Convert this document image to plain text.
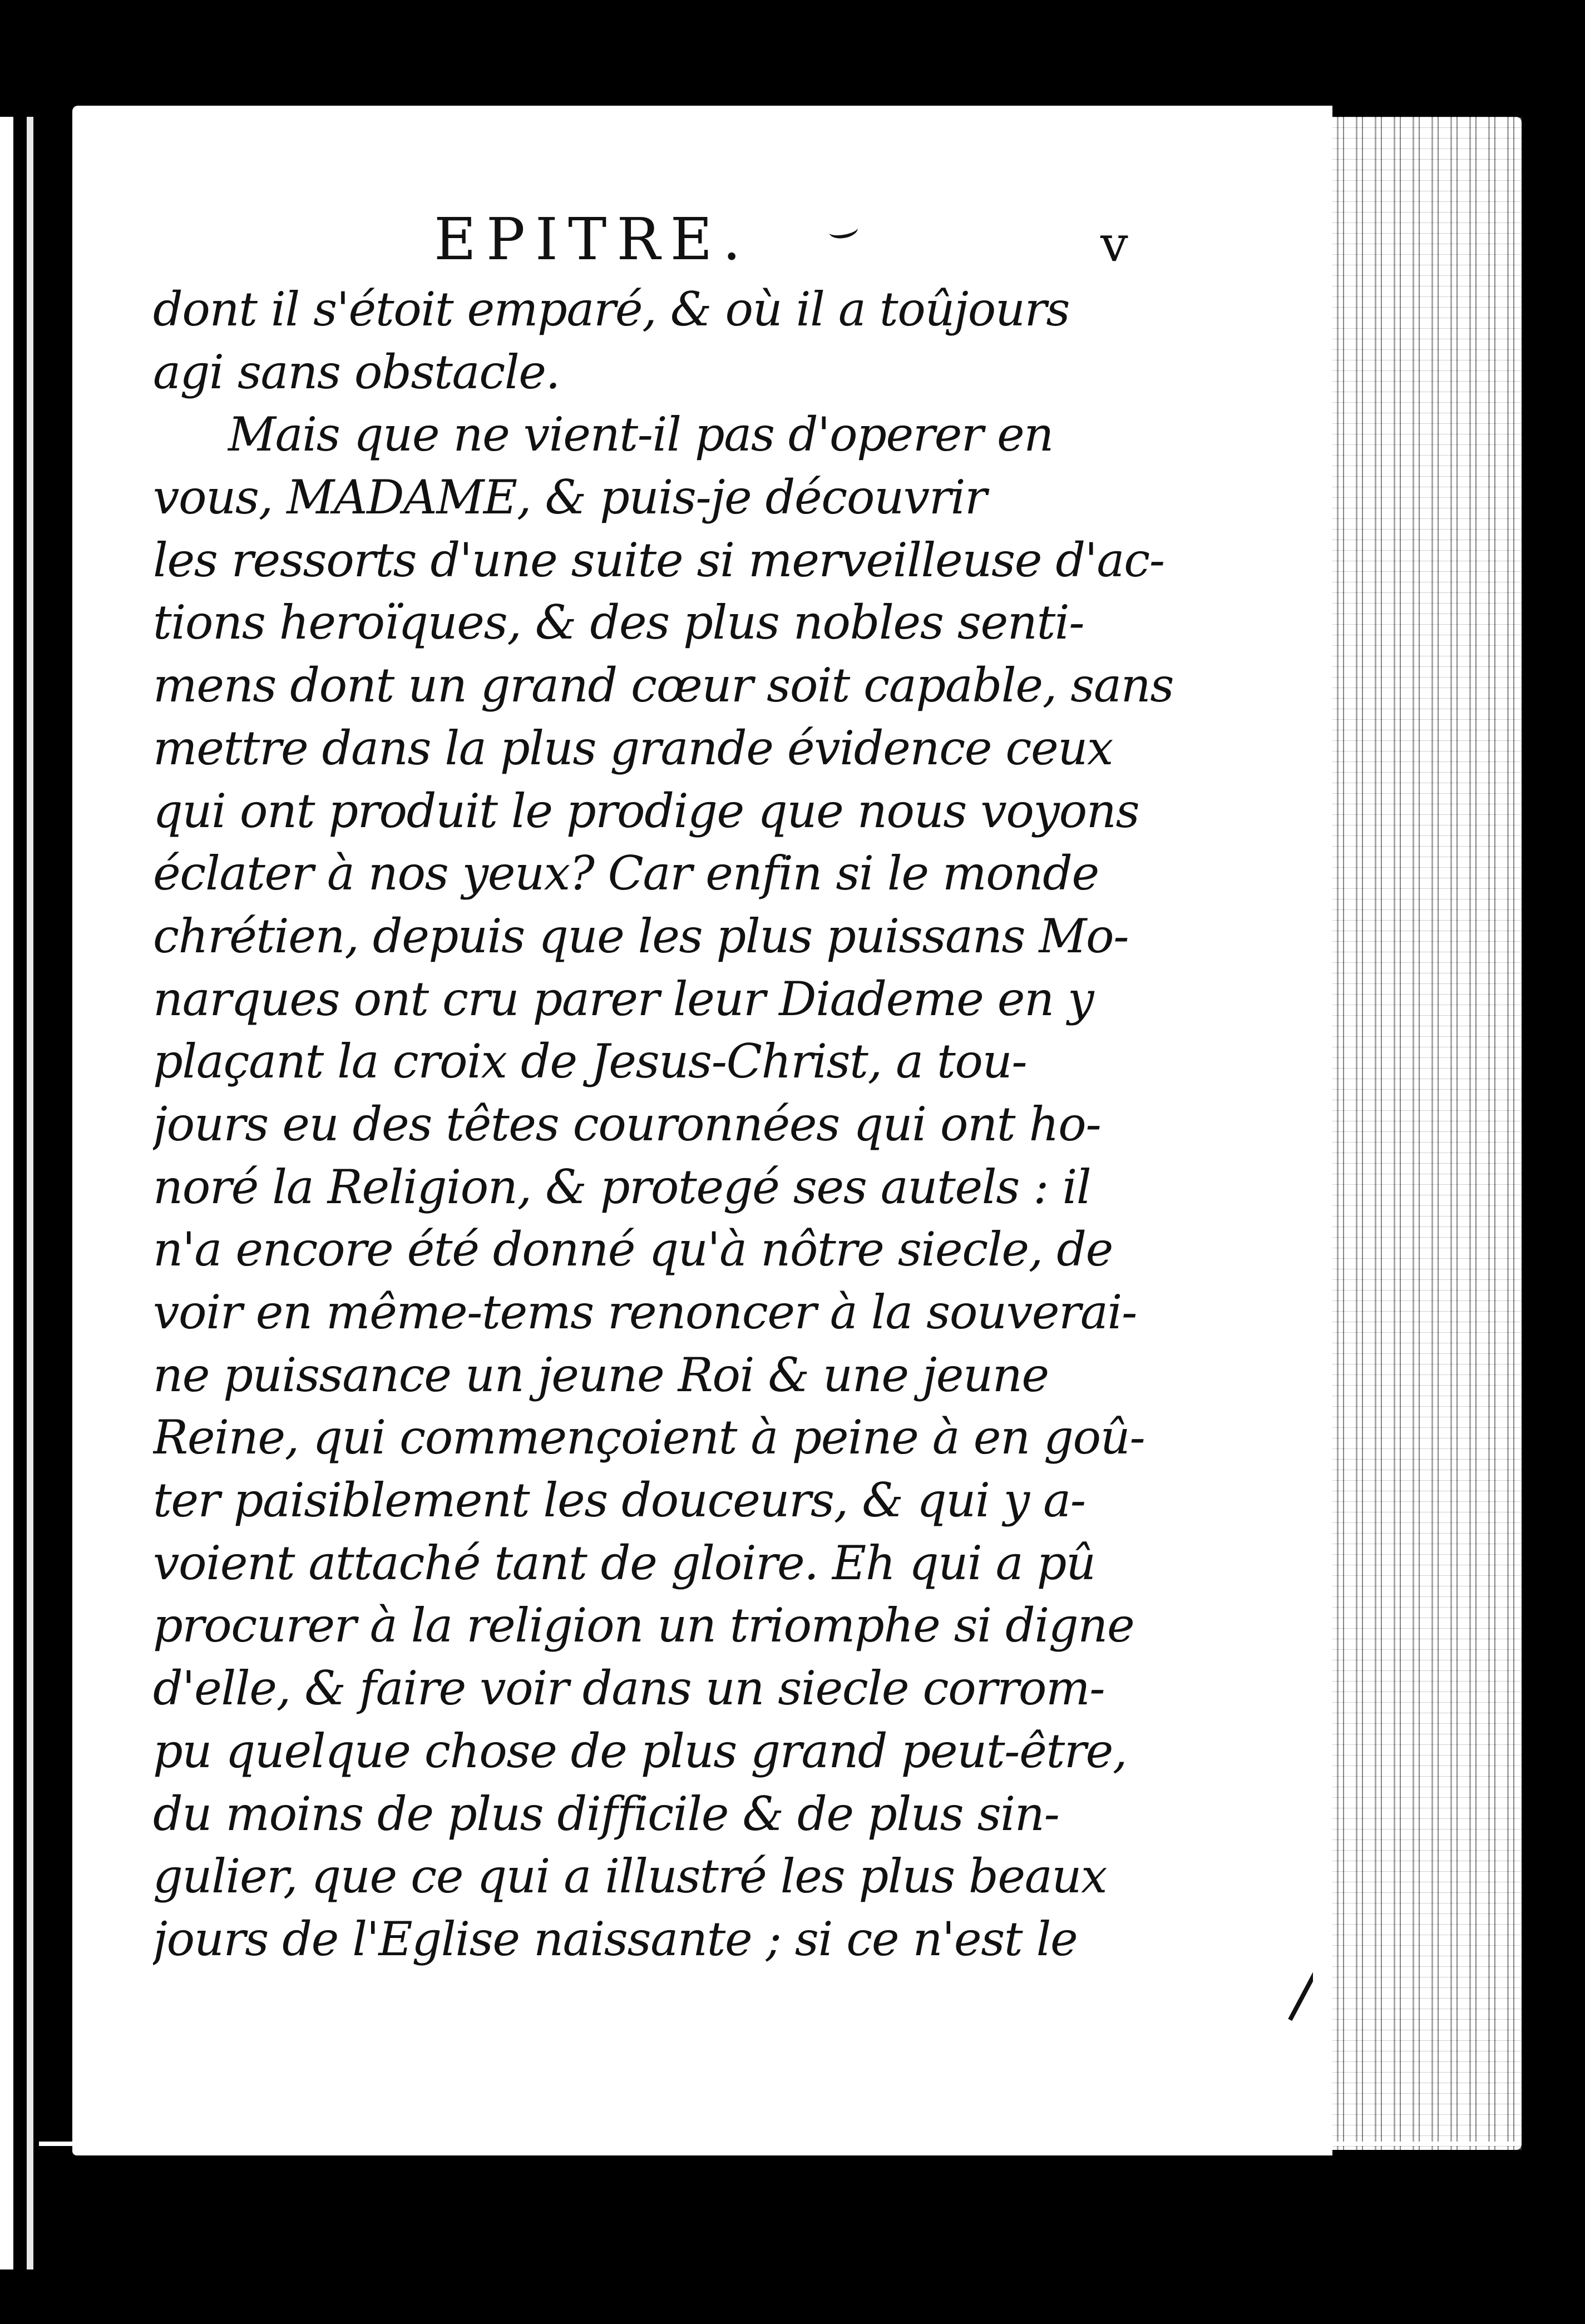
EPITRE.	v
dont il s'étoit emparé, & où il a toûjours
agi sans obstacle.
Mais que ne vient-il pas d'operer en
vous, MADAME, & puis-je découvrir
les ressorts d'une suite si merveilleuse d'ac-
tions heroïques, & des plus nobles senti-
mens dont un grand cœur soit capable, sans
mettre dans la plus grande évidence ceux
qui ont produit le prodige que nous voyons
éclater à nos yeux? Car enfin si le monde
chrétien, depuis que les plus puissans Mo-
narques ont cru parer leur Diademe en y
plaçant la croix de Jesus-Christ, a tou-
jours eu des têtes couronnées qui ont ho-
noré la Religion, & protegé ses autels : il
n'a encore été donné qu'à nôtre siecle, de
voir en même-tems renoncer à la souverai-
ne puissance un jeune Roi & une jeune
Reine, qui commençoient à peine à en goû-
ter paisiblement les douceurs, & qui y a-
voient attaché tant de gloire. Eh qui a pû
procurer à la religion un triomphe si digne
d'elle, & faire voir dans un siecle corrom-
pu quelque chose de plus grand peut-être,
du moins de plus difficile & de plus sin-
gulier, que ce qui a illustré les plus beaux
jours de l'Eglise naissante ; si ce n'est le
